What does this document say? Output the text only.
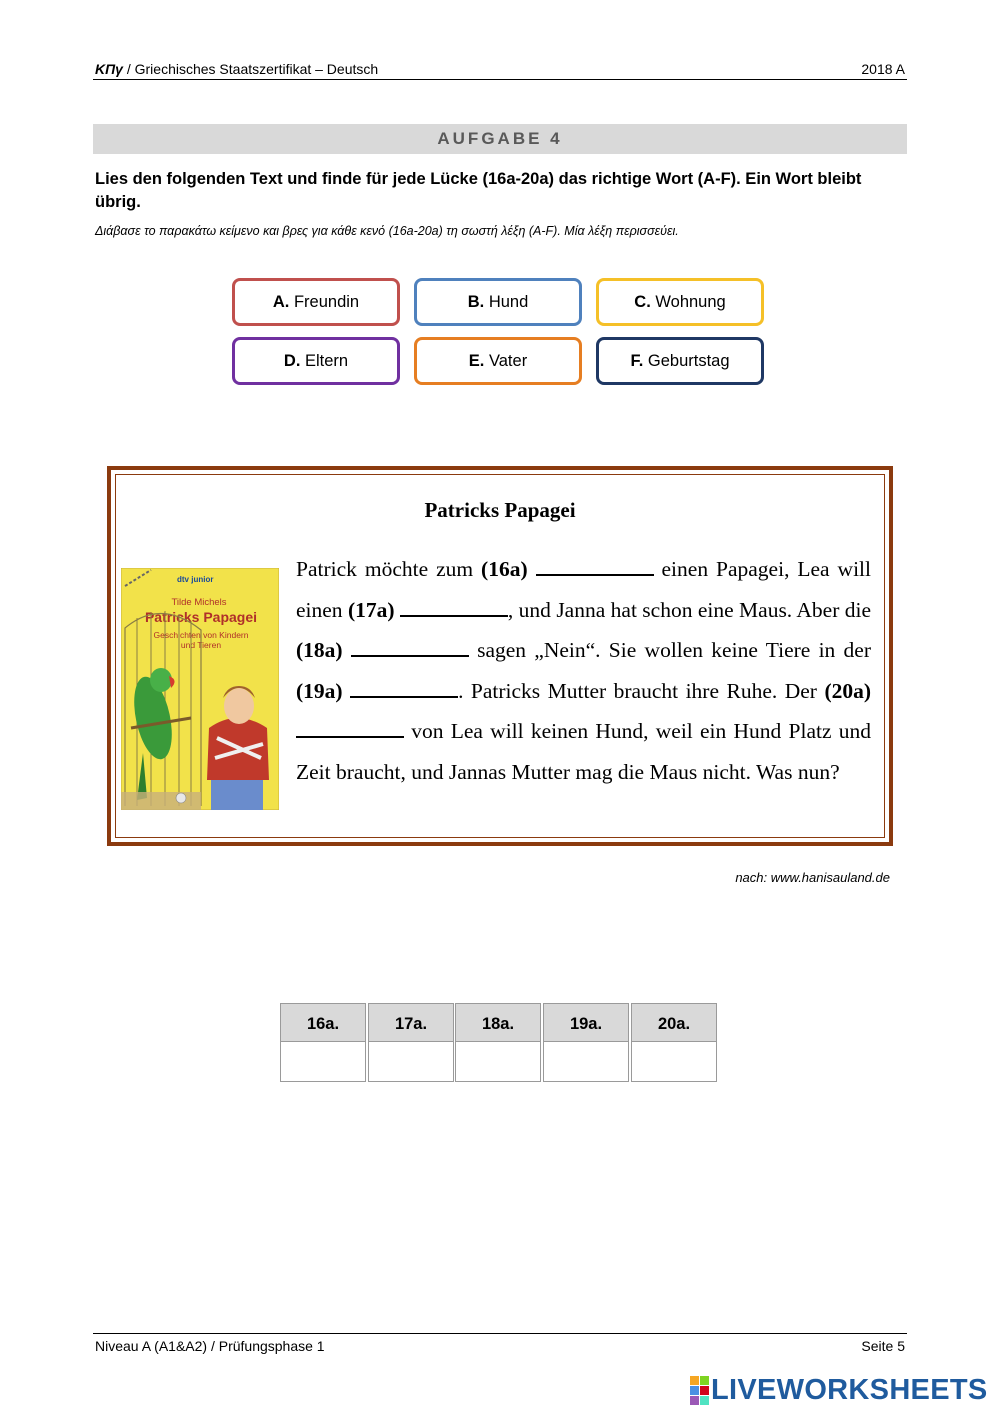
ΚΠγ / Griechisches Staatszertifikat – Deutsch	2018 A
AUFGABE 4
Lies den folgenden Text und finde für jede Lücke (16a-20a) das richtige Wort (A-F). Ein Wort bleibt übrig.
Διάβασε το παρακάτω κείμενο και βρες για κάθε κενό (16a-20a) τη σωστή λέξη (A-F). Μία λέξη περισσεύει.
A. Freundin	B. Hund	C. Wohnung
D. Eltern	E. Vater	F. Geburtstag
Patricks Papagei
dtv junior
Tilde Michels
Patricks Papagei
Geschichten von Kindern
und Tieren
Patrick möchte zum (16a)	einen Papagei, Lea will einen (17a)	, und Janna hat schon eine Maus. Aber die (18a)	sagen „Nein“. Sie wollen keine Tiere in der (19a)	. Patricks Mutter braucht ihre Ruhe. Der (20a)  von Lea will keinen Hund, weil ein Hund Platz und Zeit braucht, und Jannas Mutter mag die Maus nicht. Was nun?
nach: www.hanisauland.de
16a.	17a.	18a.	19a.	20a.
Niveau A (A1&A2) / Prüfungsphase 1	Seite 5
LIVEWORKSHEETS
